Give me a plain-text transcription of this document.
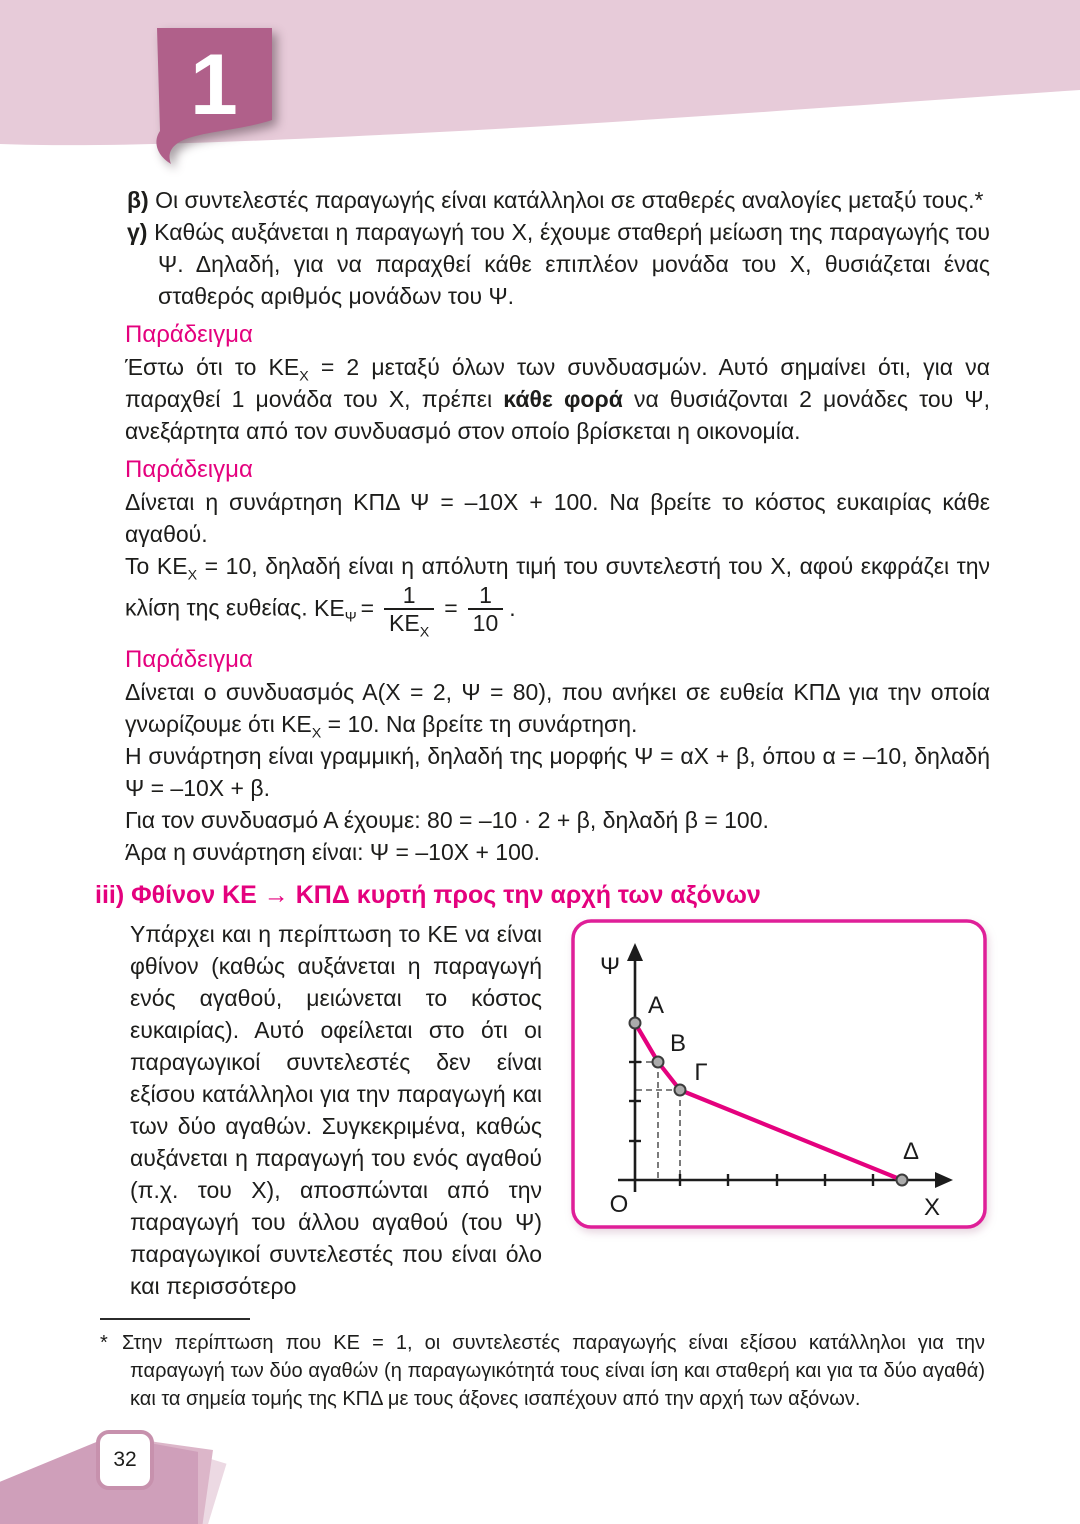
1

β) Οι συντελεστές παραγωγής είναι κατάλληλοι σε σταθερές αναλογίες μεταξύ τους.*

γ) Καθώς αυξάνεται η παραγωγή του Χ, έχουμε σταθερή μείωση της παραγωγής του Ψ. Δηλαδή, για να παραχθεί κάθε επιπλέον μονάδα του Χ, θυσιάζεται ένας σταθερός αριθμός μονάδων του Ψ.

Παράδειγμα

Έστω ότι το $KE_X = 2$ μεταξύ όλων των συνδυασμών. Αυτό σημαίνει ότι, για να παραχθεί 1 μονάδα του Χ, πρέπει κάθε φορά να θυσιάζονται 2 μονάδες του Ψ, ανεξάρτητα από τον συνδυασμό στον οποίο βρίσκεται η οικονομία.

Παράδειγμα

Δίνεται η συνάρτηση ΚΠΔ Ψ = –10Χ + 100. Να βρείτε το κόστος ευκαιρίας κάθε αγαθού.

Το $KE_X = 10$, δηλαδή είναι η απόλυτη τιμή του συντελεστή του Χ, αφού εκφράζει την κλίση της ευθείας. $KE_\Psi = \frac{1}{KE_X} = \frac{1}{10}$ .

Παράδειγμα

Δίνεται ο συνδυασμός Α(Χ = 2, Ψ = 80), που ανήκει σε ευθεία ΚΠΔ για την οποία γνωρίζουμε ότι $KE_X = 10$. Να βρείτε τη συνάρτηση.

Η συνάρτηση είναι γραμμική, δηλαδή της μορφής Ψ = αΧ + β, όπου α = –10, δηλαδή Ψ = –10Χ + β.

Για τον συνδυασμό Α έχουμε: 80 = –10 · 2 + β, δηλαδή β = 100.

Άρα η συνάρτηση είναι: Ψ = –10Χ + 100.

iii) Φθίνον ΚΕ → ΚΠΔ κυρτή προς την αρχή των αξόνων

Υπάρχει και η περίπτωση το ΚΕ να είναι φθίνον (καθώς αυξάνεται η παραγωγή ενός αγαθού, μειώνεται το κόστος ευκαιρίας). Αυτό οφείλεται στο ότι οι παραγωγικοί συντελεστές δεν είναι εξίσου κατάλληλοι για την παραγωγή και των δύο αγαθών. Συγκεκριμένα, καθώς αυξάνεται η παραγωγή του ενός αγαθού (π.χ. του Χ), αποσπώνται από την παραγωγή του άλλου αγαθού (του Ψ) παραγωγικοί συντελεστές που είναι όλο και περισσότερο

Ψ
Χ
Ο
Α
Β
Γ
Δ

* Στην περίπτωση που ΚΕ = 1, οι συντελεστές παραγωγής είναι εξίσου κατάλληλοι για την παραγωγή των δύο αγαθών (η παραγωγικότητά τους είναι ίση και σταθερή και για τα δύο αγαθά) και τα σημεία τομής της ΚΠΔ με τους άξονες ισαπέχουν από την αρχή των αξόνων.

32
